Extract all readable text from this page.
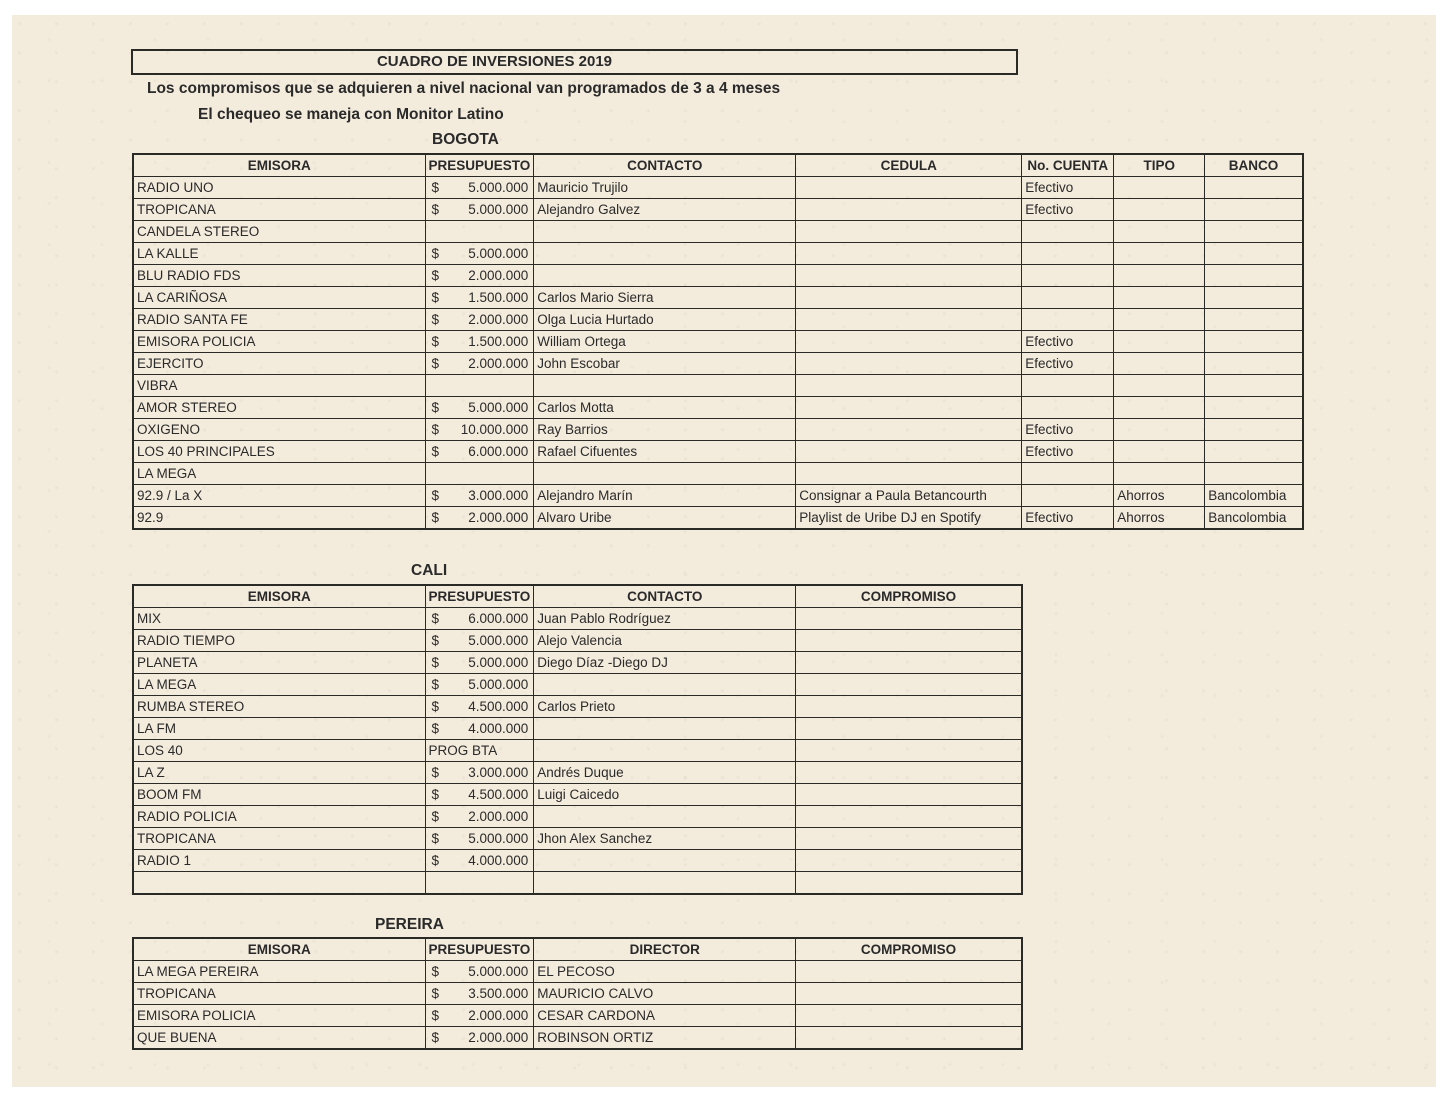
CUADRO DE INVERSIONES 2019
Los compromisos que se adquieren a nivel nacional van programados de 3 a 4 meses
El chequeo se maneja con Monitor Latino
BOGOTA
EMISORA	PRESUPUESTO	CONTACTO	CEDULA	No. CUENTA	TIPO	BANCO
RADIO UNO	$ 5.000.000	Mauricio Trujilo		Efectivo		
TROPICANA	$ 5.000.000	Alejandro Galvez		Efectivo		
CANDELA STEREO						
LA KALLE	$ 5.000.000					

BLU RADIO FDS	$ 2.000.000					

LA CARIÑOSA	$ 1.500.000	Carlos Mario Sierra				
RADIO SANTA FE	$ 2.000.000	Olga Lucia Hurtado				
EMISORA POLICIA	$ 1.500.000	William Ortega		Efectivo		
EJERCITO	$ 2.000.000	John Escobar		Efectivo		
VIBRA						
AMOR STEREO	$ 5.000.000	Carlos Motta				
OXIGENO	$ 10.000.000	Ray Barrios		Efectivo		
LOS 40 PRINCIPALES	$ 6.000.000	Rafael Cifuentes		Efectivo		
LA MEGA						
92.9 / La X	$ 3.000.000	Alejandro Marín	Consignar a Paula Betancourth		Ahorros	Bancolombia
92.9	$ 2.000.000	Alvaro Uribe	Playlist de Uribe DJ en Spotify	Efectivo	Ahorros	Bancolombia
CALI
EMISORA	PRESUPUESTO	CONTACTO	COMPROMISO
MIX	$ 6.000.000	Juan Pablo Rodríguez	
RADIO TIEMPO	$ 5.000.000	Alejo Valencia	
PLANETA	$ 5.000.000	Diego Díaz -Diego DJ	
LA MEGA	$ 5.000.000		

RUMBA STEREO	$ 4.500.000	Carlos Prieto	
LA FM	$ 4.000.000		

LOS 40	PROG BTA		
LA Z	$ 3.000.000	Andrés Duque	
BOOM FM	$ 4.500.000	Luigi Caicedo	
RADIO POLICIA	$ 2.000.000		

TROPICANA	$ 5.000.000	Jhon Alex Sanchez	
RADIO 1	$ 4.000.000		

PEREIRA
EMISORA	PRESUPUESTO	DIRECTOR	COMPROMISO
LA MEGA PEREIRA	$ 5.000.000	EL PECOSO	
TROPICANA	$ 3.500.000	MAURICIO CALVO	
EMISORA POLICIA	$ 2.000.000	CESAR CARDONA	
QUE BUENA	$ 2.000.000	ROBINSON ORTIZ	
